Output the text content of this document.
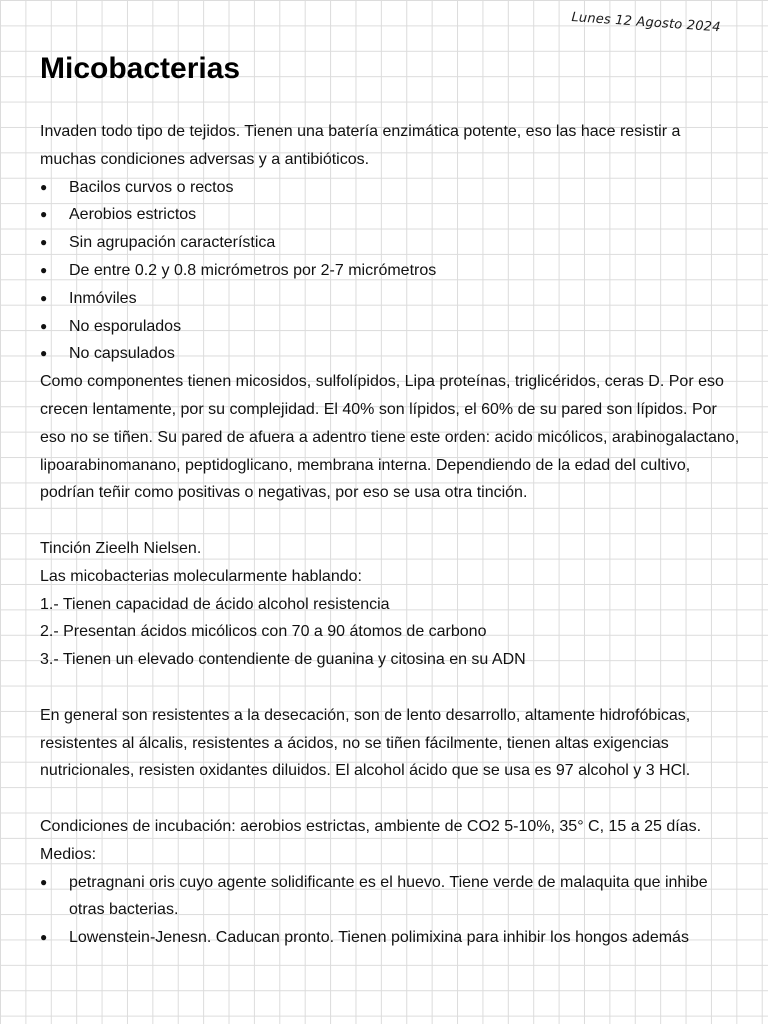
Lunes 12 Agosto 2024
Micobacterias

Invaden todo tipo de tejidos. Tienen una batería enzimática potente, eso las hace resistir a muchas condiciones adversas y a antibióticos.

● Bacilos curvos o rectos
● Aerobios estrictos
● Sin agrupación característica
● De entre 0.2 y 0.8 micrómetros por 2-7 micrómetros
● Inmóviles
● No esporulados
● No capsulados

Como componentes tienen micosidos, sulfolípidos, Lipa proteínas, triglicéridos, ceras D. Por eso crecen lentamente, por su complejidad. El 40% son lípidos, el 60% de su pared son lípidos. Por eso no se tiñen. Su pared de afuera a adentro tiene este orden: acido micólicos, arabinogalactano, lipoarabinomanano, peptidoglicano, membrana interna. Dependiendo de la edad del cultivo, podrían teñir como positivas o negativas, por eso se usa otra tinción.

Tinción Zieelh Nielsen.

Las micobacterias molecularmente hablando:

1.- Tienen capacidad de ácido alcohol resistencia

2.- Presentan ácidos micólicos con 70 a 90 átomos de carbono

3.- Tienen un elevado contendiente de guanina y citosina en su ADN

En general son resistentes a la desecación, son de lento desarrollo, altamente hidrofóbicas, resistentes al álcalis, resistentes a ácidos, no se tiñen fácilmente, tienen altas exigencias nutricionales, resisten oxidantes diluidos. El alcohol ácido que se usa es 97 alcohol y 3 HCl.

Condiciones de incubación: aerobios estrictas, ambiente de CO2 5-10%, 35° C, 15 a 25 días.

Medios:

● petragnani oris cuyo agente solidificante es el huevo. Tiene verde de malaquita que inhibe otras bacterias.
● Lowenstein-Jenesn. Caducan pronto. Tienen polimixina para inhibir los hongos además
